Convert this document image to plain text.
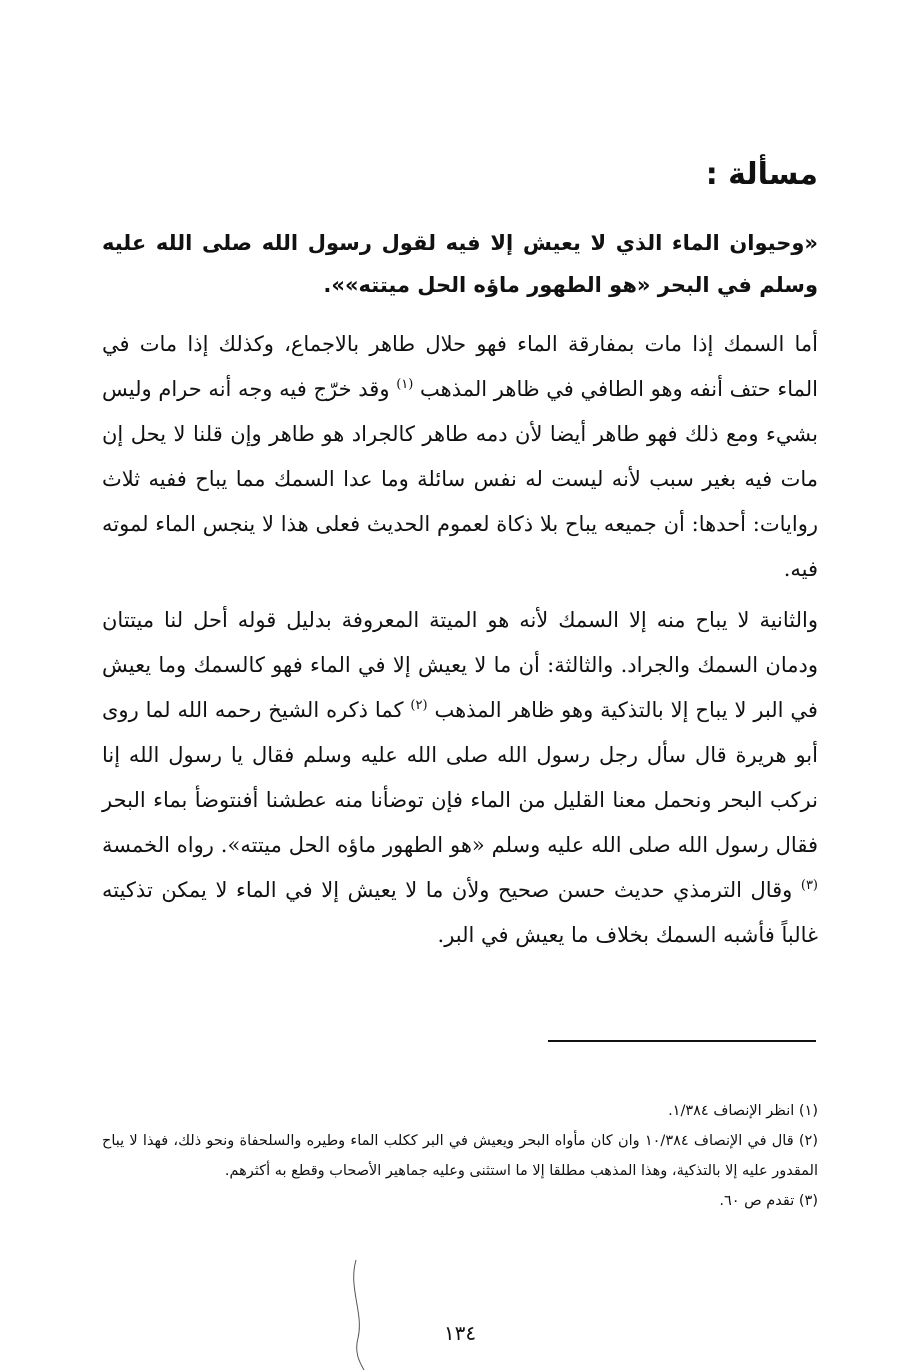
مسألة :

«وحيوان الماء الذي لا يعيش إلا فيه لقول رسول الله صلى الله عليه وسلم في البحر «هو الطهور ماؤه الحل ميتته»».

أما السمك إذا مات بمفارقة الماء فهو حلال طاهر بالاجماع، وكذلك إذا مات في الماء حتف أنفه وهو الطافي في ظاهر المذهب $^{(١)}$ وقد خرّج فيه وجه أنه حرام وليس بشيء ومع ذلك فهو طاهر أيضا لأن دمه طاهر كالجراد هو طاهر وإن قلنا لا يحل إن مات فيه بغير سبب لأنه ليست له نفس سائلة وما عدا السمك مما يباح ففيه ثلاث روايات: أحدها: أن جميعه يباح بلا ذكاة لعموم الحديث فعلى هذا لا ينجس الماء لموته فيه.

والثانية لا يباح منه إلا السمك لأنه هو الميتة المعروفة بدليل قوله أحل لنا ميتتان ودمان السمك والجراد. والثالثة: أن ما لا يعيش إلا في الماء فهو كالسمك وما يعيش في البر لا يباح إلا بالتذكية وهو ظاهر المذهب $^{(٢)}$ كما ذكره الشيخ رحمه الله لما روى أبو هريرة قال سأل رجل رسول الله صلى الله عليه وسلم فقال يا رسول الله إنا نركب البحر ونحمل معنا القليل من الماء فإن توضأنا منه عطشنا أفنتوضأ بماء البحر فقال رسول الله صلى الله عليه وسلم «هو الطهور ماؤه الحل ميتته». رواه الخمسة $^{(٣)}$ وقال الترمذي حديث حسن صحيح ولأن ما لا يعيش إلا في الماء لا يمكن تذكيته غالباً فأشبه السمك بخلاف ما يعيش في البر.

(١) انظر الإنصاف ١/٣٨٤.

(٢) قال في الإنصاف ١٠/٣٨٤ وان كان مأواه البحر ويعيش في البر ككلب الماء وطيره والسلحفاة ونحو ذلك، فهذا لا يباح المقدور عليه إلا بالتذكية، وهذا المذهب مطلقا إلا ما استثنى وعليه جماهير الأصحاب وقطع به أكثرهم.

(٣) تقدم ص ٦٠.

١٣٤
